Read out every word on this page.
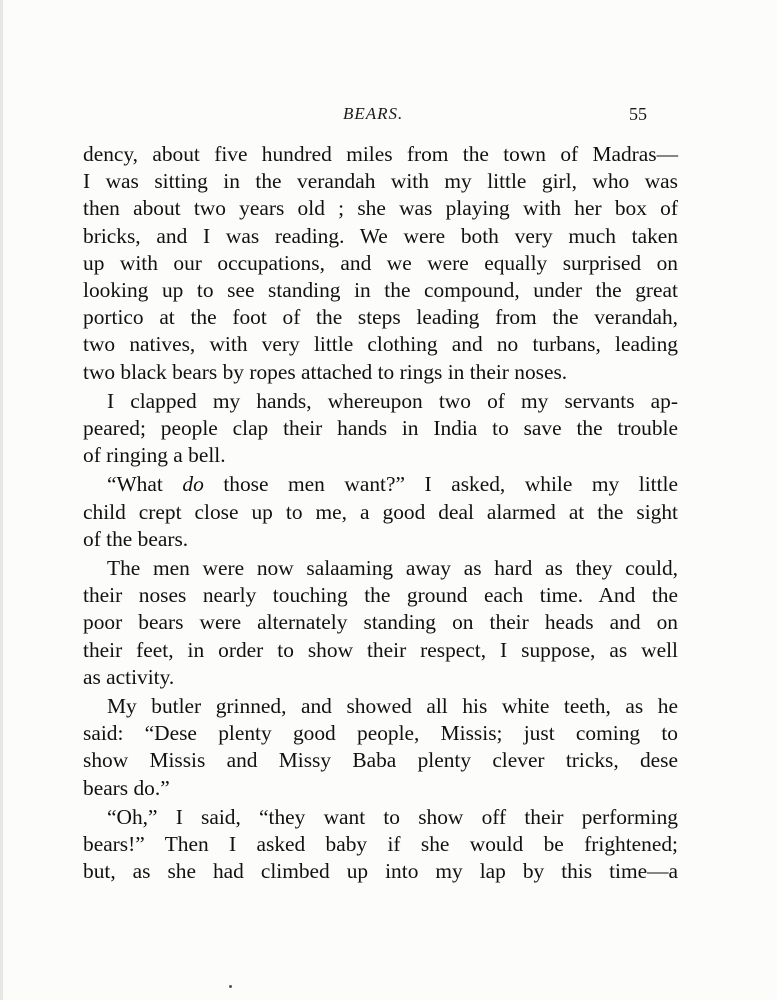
BEARS.	55
dency, about five hundred miles from the town of Madras—
I was sitting in the verandah with my little girl, who was
then about two years old ; she was playing with her box of
bricks, and I was reading. We were both very much taken
up with our occupations, and we were equally surprised on
looking up to see standing in the compound, under the great
portico at the foot of the steps leading from the verandah,
two natives, with very little clothing and no turbans, leading
two black bears by ropes attached to rings in their noses.
I clapped my hands, whereupon two of my servants ap-
peared; people clap their hands in India to save the trouble
of ringing a bell.
“What do those men want?” I asked, while my little
child crept close up to me, a good deal alarmed at the sight
of the bears.
The men were now salaaming away as hard as they could,
their noses nearly touching the ground each time. And the
poor bears were alternately standing on their heads and on
their feet, in order to show their respect, I suppose, as well
as activity.
My butler grinned, and showed all his white teeth, as he
said: “Dese plenty good people, Missis; just coming to
show Missis and Missy Baba plenty clever tricks, dese
bears do.”
“Oh,” I said, “they want to show off their performing
bears!” Then I asked baby if she would be frightened;
but, as she had climbed up into my lap by this time—a
